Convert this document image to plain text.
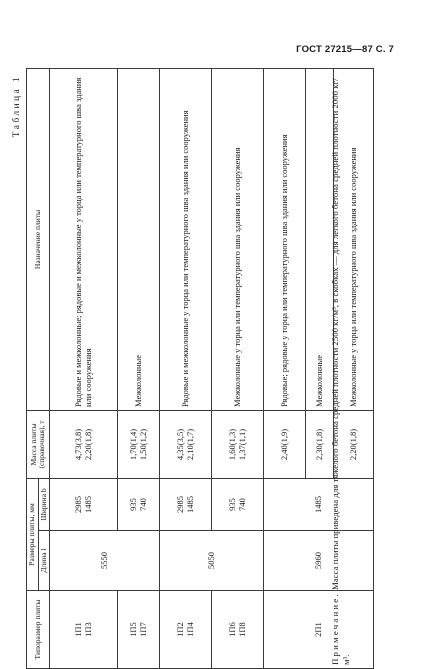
ГОСТ 27215—87 С. 7
Таблица 1
Типоразмер плиты	Размеры плиты, мм		Масса плиты (справочная), т	Назначение плиты
	Длина l	Ширина b		

1П1 1П3	5550	2985 1485	4,73(3,8) 2,20(1,8)	Рядовые и межколонные; рядовые и межколонные у торца или температурного шва здания или сооружения

1П5 1П7		935 740	1,70(1,4) 1,50(1,2)	Межколонные

1П2 1П4	5050	2985 1485	4,35(3,5) 2,10(1,7)	Рядовые и межколонные у торца или температурного шва здания или сооружения

1П6 1П8		935 740	1,60(1,3) 1,37(1,1)	Межколонные у торца или температурного шва здания или сооружения
2П1	5960	1485	2,40(1,9)	Рядовые; рядовые у торца или температурного шва здания или сооружения
			2,30(1,8)	Межколонные
			2,20(1,8)	Межколонные у торца или температурного шва здания или сооружения
Примечание. Масса плиты приведена для тяжелого бетона средней плотности 2500 кг/м³, в скобках — для легкого бетона средней плотности 2000 кг/м³.
